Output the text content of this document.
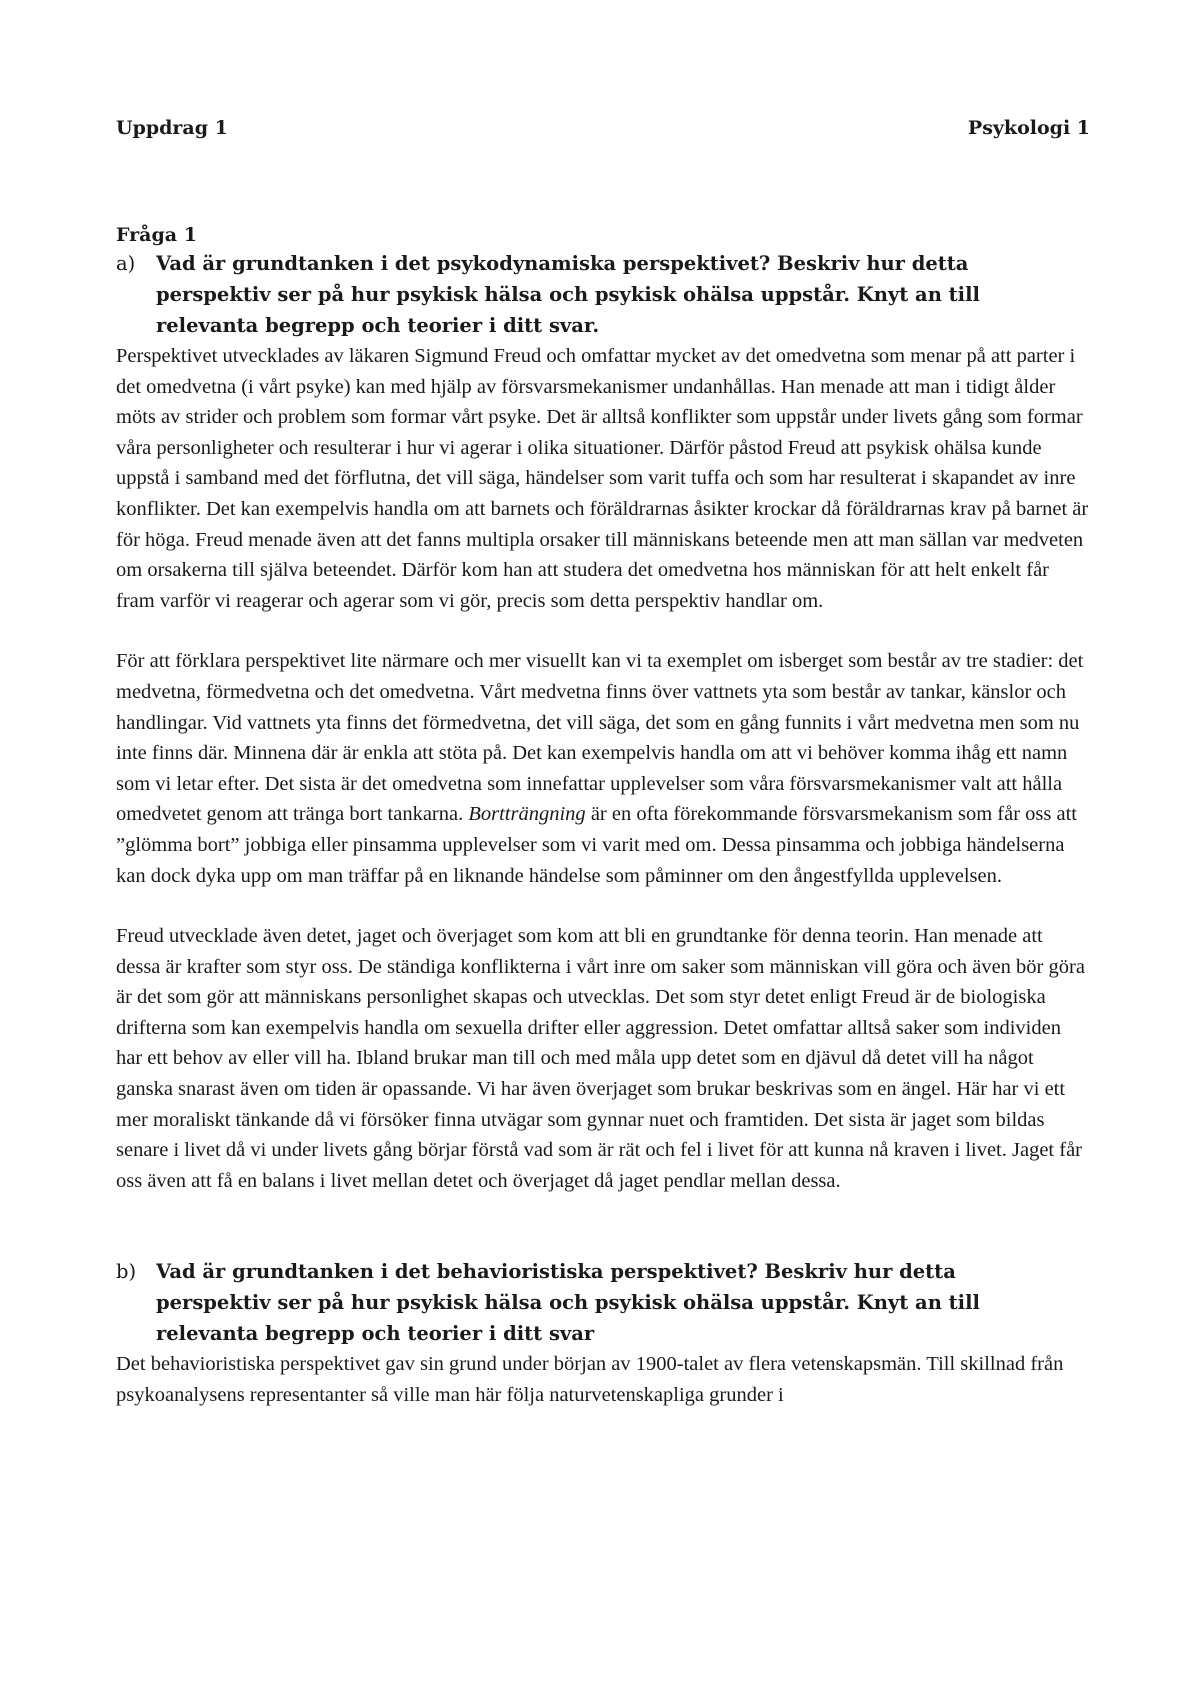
Uppdrag 1	Psykologi 1
Fråga 1
a)	Vad är grundtanken i det psykodynamiska perspektivet? Beskriv hur detta perspektiv ser på hur psykisk hälsa och psykisk ohälsa uppstår. Knyt an till relevanta begrepp och teorier i ditt svar.

Perspektivet utvecklades av läkaren Sigmund Freud och omfattar mycket av det omedvetna som menar på att parter i det omedvetna (i vårt psyke) kan med hjälp av försvarsmekanismer undanhållas. Han menade att man i tidigt ålder möts av strider och problem som formar vårt psyke. Det är alltså konflikter som uppstår under livets gång som formar våra personligheter och resulterar i hur vi agerar i olika situationer. Därför påstod Freud att psykisk ohälsa kunde uppstå i samband med det förflutna, det vill säga, händelser som varit tuffa och som har resulterat i skapandet av inre konflikter. Det kan exempelvis handla om att barnets och föräldrarnas åsikter krockar då föräldrarnas krav på barnet är för höga. Freud menade även att det fanns multipla orsaker till människans beteende men att man sällan var medveten om orsakerna till själva beteendet. Därför kom han att studera det omedvetna hos människan för att helt enkelt får fram varför vi reagerar och agerar som vi gör, precis som detta perspektiv handlar om.

För att förklara perspektivet lite närmare och mer visuellt kan vi ta exemplet om isberget som består av tre stadier: det medvetna, förmedvetna och det omedvetna. Vårt medvetna finns över vattnets yta som består av tankar, känslor och handlingar. Vid vattnets yta finns det förmedvetna, det vill säga, det som en gång funnits i vårt medvetna men som nu inte finns där. Minnena där är enkla att stöta på. Det kan exempelvis handla om att vi behöver komma ihåg ett namn som vi letar efter. Det sista är det omedvetna som innefattar upplevelser som våra försvarsmekanismer valt att hålla omedvetet genom att tränga bort tankarna. Bortträngning är en ofta förekommande försvarsmekanism som får oss att ”glömma bort” jobbiga eller pinsamma upplevelser som vi varit med om. Dessa pinsamma och jobbiga händelserna kan dock dyka upp om man träffar på en liknande händelse som påminner om den ångestfyllda upplevelsen.

Freud utvecklade även detet, jaget och överjaget som kom att bli en grundtanke för denna teorin. Han menade att dessa är krafter som styr oss. De ständiga konflikterna i vårt inre om saker som människan vill göra och även bör göra är det som gör att människans personlighet skapas och utvecklas. Det som styr detet enligt Freud är de biologiska drifterna som kan exempelvis handla om sexuella drifter eller aggression. Detet omfattar alltså saker som individen har ett behov av eller vill ha. Ibland brukar man till och med måla upp detet som en djävul då detet vill ha något ganska snarast även om tiden är opassande. Vi har även överjaget som brukar beskrivas som en ängel. Här har vi ett mer moraliskt tänkande då vi försöker finna utvägar som gynnar nuet och framtiden. Det sista är jaget som bildas senare i livet då vi under livets gång börjar förstå vad som är rät och fel i livet för att kunna nå kraven i livet. Jaget får oss även att få en balans i livet mellan detet och överjaget då jaget pendlar mellan dessa.

b)	Vad är grundtanken i det behavioristiska perspektivet? Beskriv hur detta perspektiv ser på hur psykisk hälsa och psykisk ohälsa uppstår. Knyt an till relevanta begrepp och teorier i ditt svar

Det behavioristiska perspektivet gav sin grund under början av 1900-talet av flera vetenskapsmän. Till skillnad från psykoanalysens representanter så ville man här följa naturvetenskapliga grunder i
